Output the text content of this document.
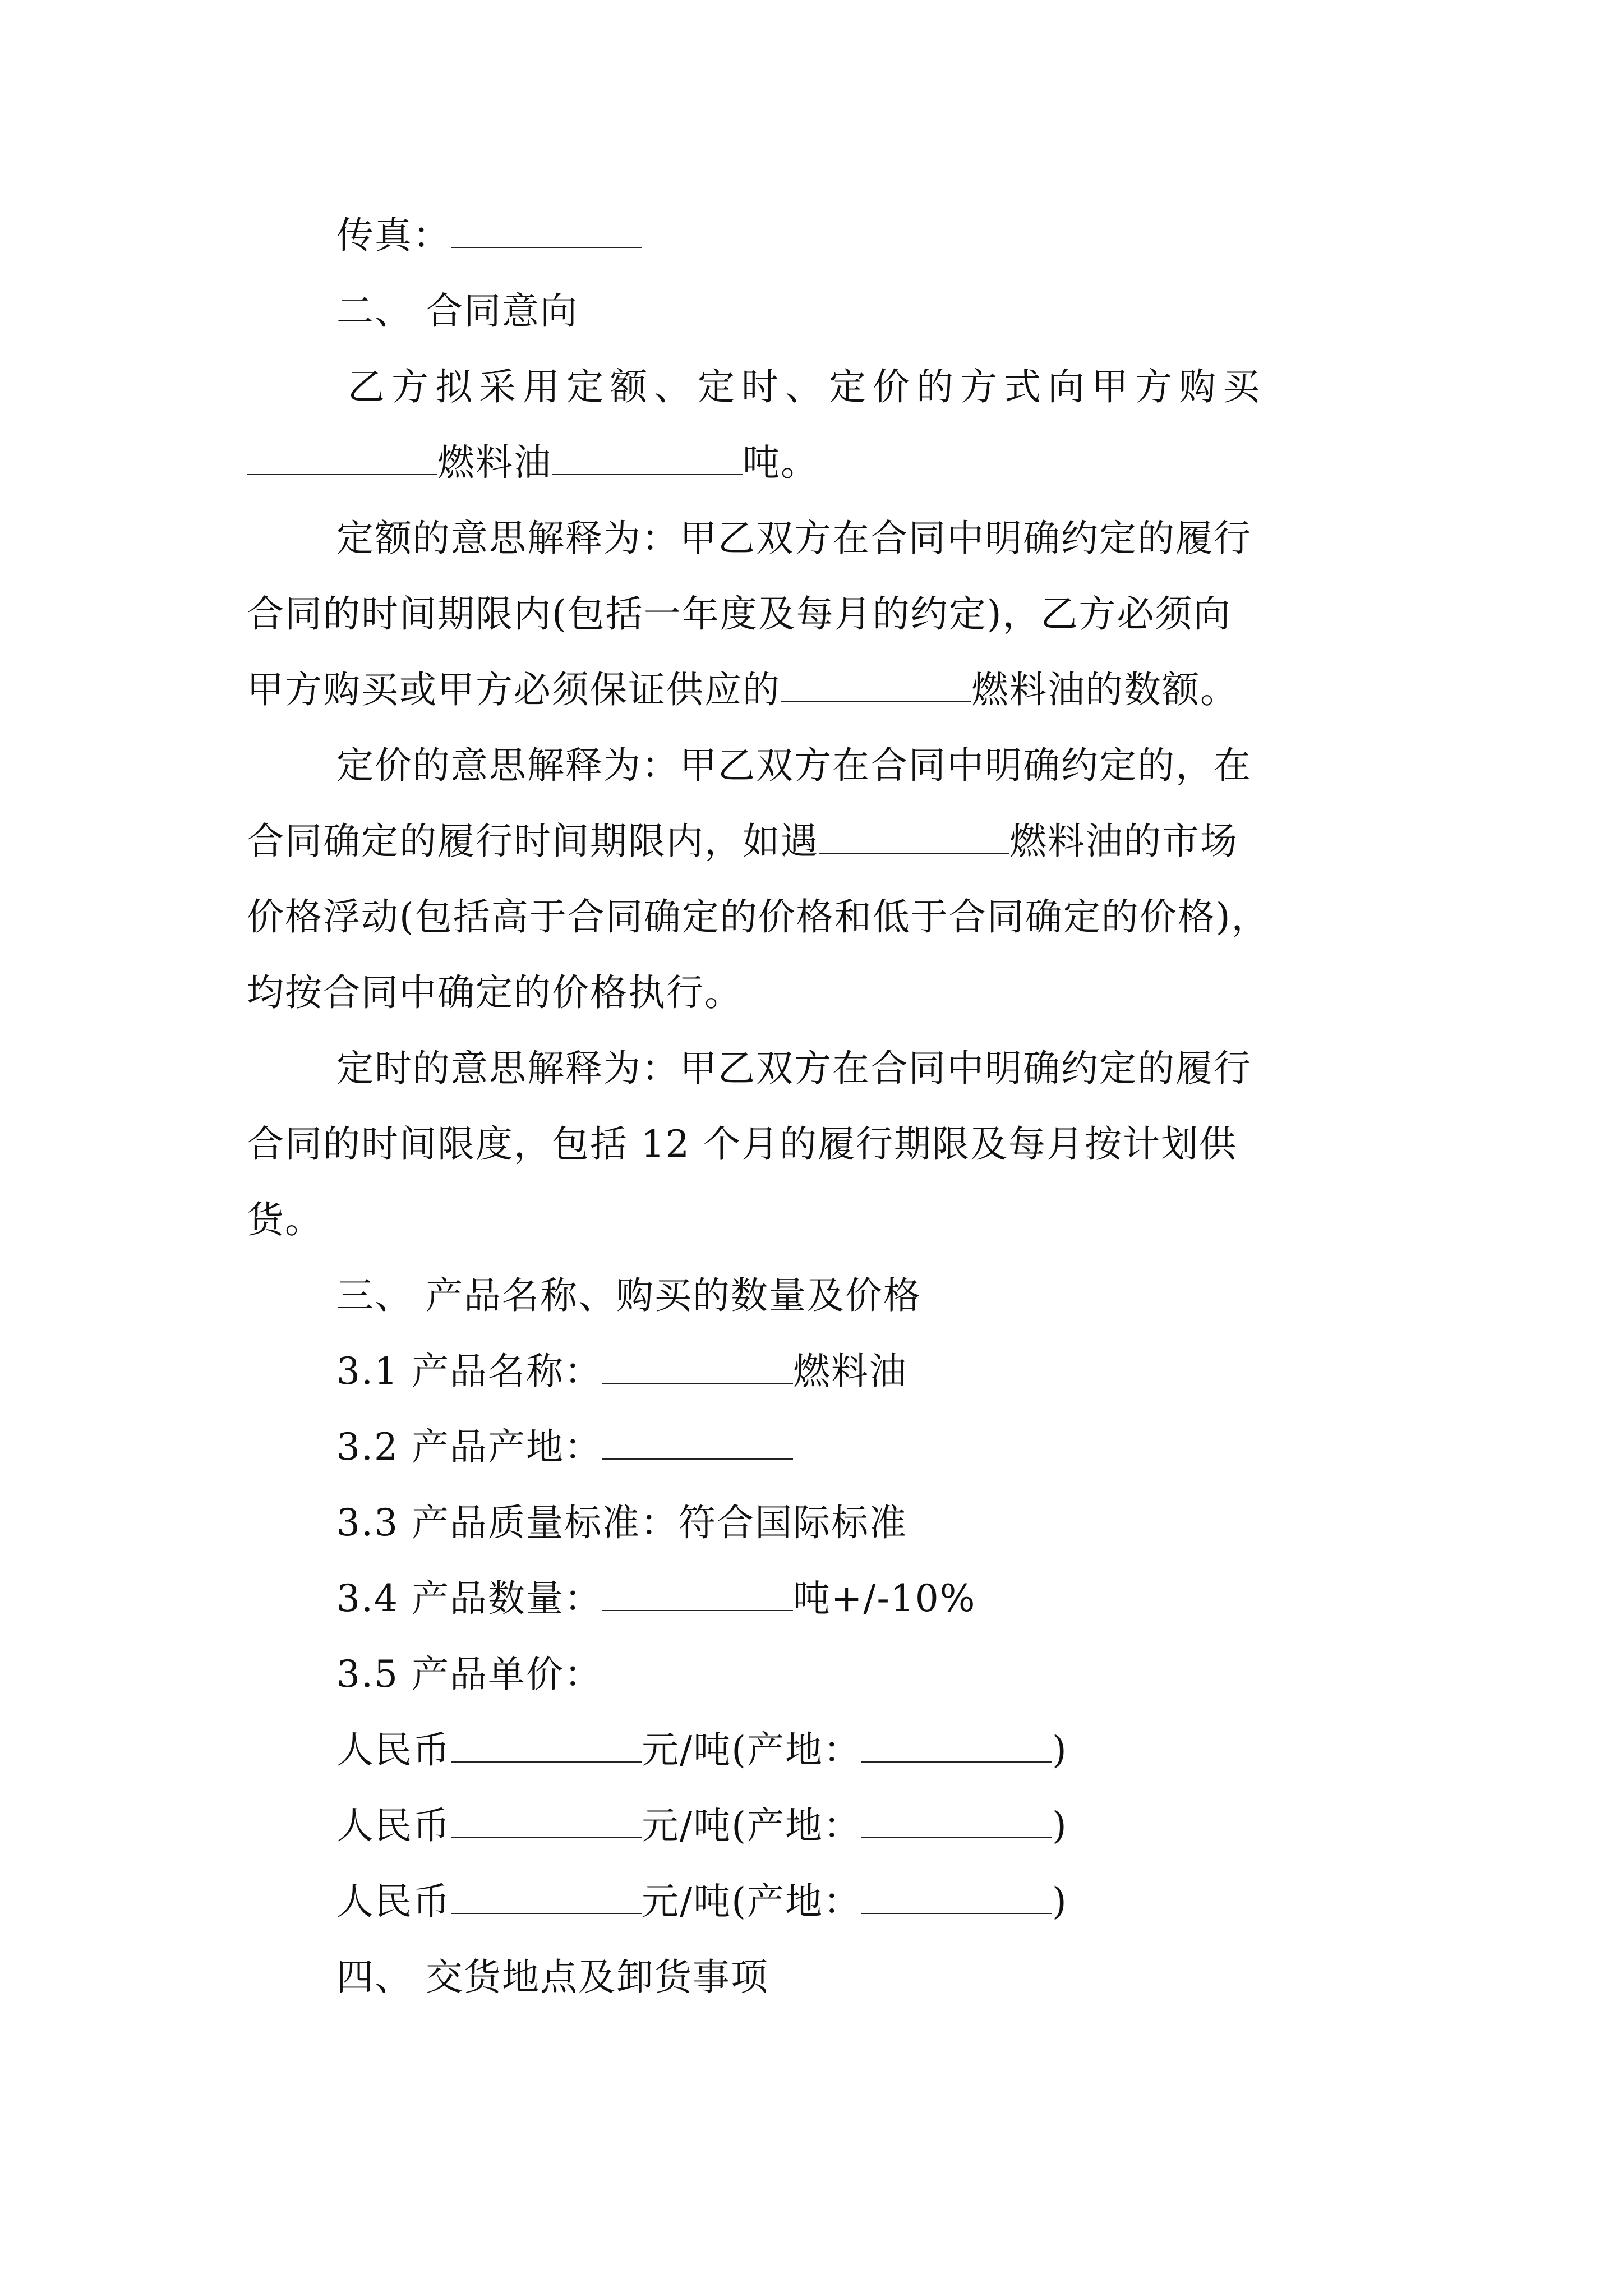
传真：
二、 合同意向
乙方拟采用定额、定时、定价的方式向甲方购买
燃料油	吨。
定额的意思解释为：甲乙双方在合同中明确约定的履行
合同的时间期限内(包括一年度及每月的约定)，乙方必须向
甲方购买或甲方必须保证供应的	燃料油的数额。
定价的意思解释为：甲乙双方在合同中明确约定的，在
合同确定的履行时间期限内，如遇	燃料油的市场
价格浮动(包括高于合同确定的价格和低于合同确定的价格)，
均按合同中确定的价格执行。
定时的意思解释为：甲乙双方在合同中明确约定的履行
合同的时间限度，包括 12 个月的履行期限及每月按计划供
货。
三、 产品名称、购买的数量及价格
3.1 产品名称：	燃料油
3.2 产品产地：
3.3 产品质量标准：符合国际标准
3.4 产品数量：	吨+/-10%
3.5 产品单价：
人民币	元/吨(产地：	)
人民币	元/吨(产地：	)
人民币	元/吨(产地：	)
四、 交货地点及卸货事项
